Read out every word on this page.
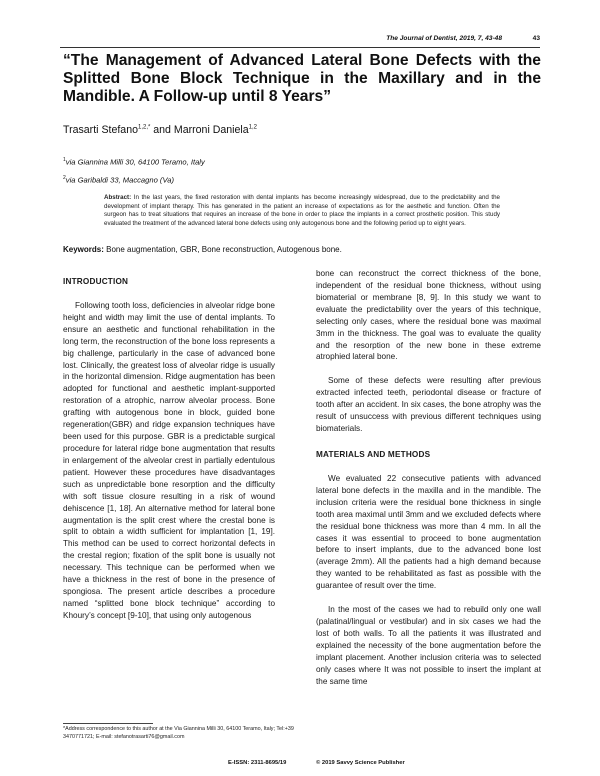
The Journal of Dentist, 2019, 7, 43-48	43
“The Management of Advanced Lateral Bone Defects with the Splitted Bone Block Technique in the Maxillary and in the Mandible. A Follow-up until 8 Years”
Trasarti Stefano$^{1,2,*}$ and Marroni Daniela$^{1,2}$
$^1$via Giannina Milli 30, 64100 Teramo, Italy
$^2$via Garibaldi 33, Maccagno (Va)

Abstract: In the last years, the fixed restoration with dental implants has become increasingly widespread, due to the predictability and the development of implant therapy. This has generated in the patient an increase of expectations as for the aesthetic and function. Often the surgeon has to treat situations that requires an increase of the bone in order to place the implants in a correct prosthetic position. This study evaluated the treatment of the advanced lateral bone defects using only autogenous bone and the following period up to eight years.

Keywords: Bone augmentation, GBR, Bone reconstruction, Autogenous bone.
INTRODUCTION

Following tooth loss, deficiencies in alveolar ridge bone height and width may limit the use of dental implants. To ensure an aesthetic and functional rehabilitation in the long term, the reconstruction of the bone loss represents a big challenge, particularly in the case of advanced bone lost. Clinically, the greatest loss of alveolar ridge is usually in the horizontal dimension. Ridge augmentation has been adopted for functional and aesthetic implant-supported restoration of a atrophic, narrow alveolar process. Bone grafting with autogenous bone in block, guided bone regeneration(GBR) and ridge expansion techniques have been used for this purpose. GBR is a predictable surgical procedure for lateral ridge bone augmentation that results in enlargement of the alveolar crest in partially edentulous patient. However these procedures have disadvantages such as unpredictable bone resorption and the difficulty with soft tissue closure resulting in a risk of wound dehiscence [1, 18]. An alternative method for lateral bone augmentation is the split crest where the crestal bone is split to obtain a width sufficient for implantation [1, 19]. This method can be used to correct horizontal defects in the crestal region; fixation of the split bone is usually not necessary. This technique can be performed when we have a thickness in the rest of bone in the presence of spongiosa. The present article describes a procedure named “splitted bone block technique” according to Khoury’s concept [9-10], that using only autogenous

bone can reconstruct the correct thickness of the bone, independent of the residual bone thickness, without using biomaterial or membrane [8, 9]. In this study we want to evaluate the predictability over the years of this technique, selecting only cases, where the residual bone was maximal 3mm in the thickness. The goal was to evaluate the quality and the resorption of the new bone in these extreme atrophied lateral bone.

Some of these defects were resulting after previous extracted infected teeth, periodontal disease or fracture of tooth after an accident. In six cases, the bone atrophy was the result of unsuccess with previous different techniques using biomaterials.

MATERIALS AND METHODS

We evaluated 22 consecutive patients with advanced lateral bone defects in the maxilla and in the mandible. The inclusion criteria were the residual bone thickness in single tooth area maximal until 3mm and we excluded defects where the residual bone thickness was more than 4 mm. In all the cases it was essential to proceed to bone augmentation before to insert implants, due to the advanced bone lost (average 2mm). All the patients had a high demand because they wanted to be rehabilitated as fast as possible with the guarantee of result over the time.

In the most of the cases we had to rebuild only one wall (palatinal/lingual or vestibular) and in six cases we had the lost of both walls. To all the patients it was illustrated and explained the necessity of the bone augmentation before the implant placement. Another inclusion criteria was to selected only cases where It was not possible to insert the implant at the same time

*Address correspondence to this author at the Via Giannina Milli 30, 64100 Teramo, Italy; Tel:+39 3470771721; E-mail: stefanotrasarti76@gmail.com

E-ISSN: 2311-8695/19	© 2019 Savvy Science Publisher
